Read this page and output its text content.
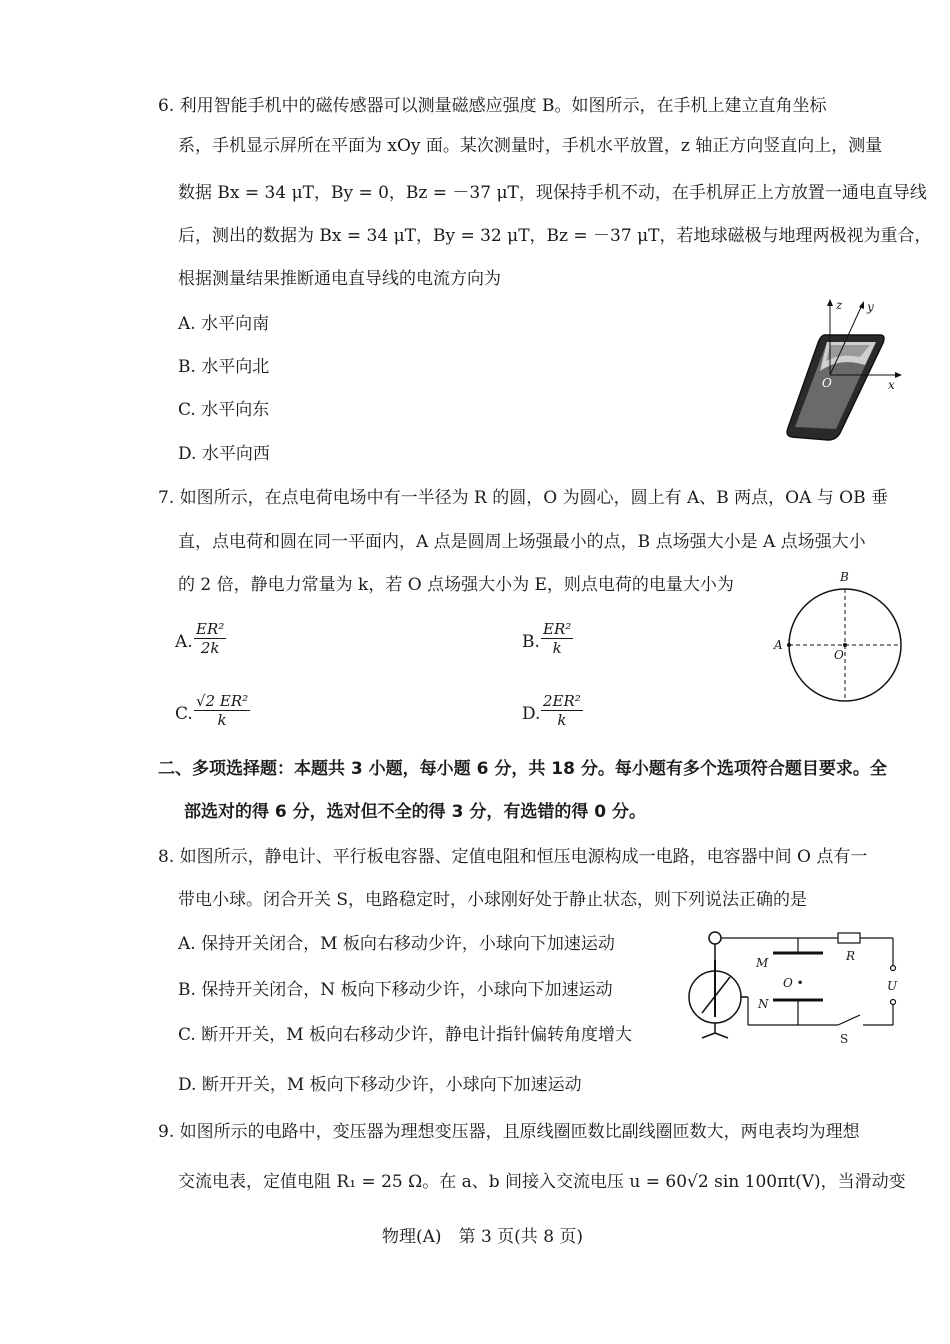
6. 利用智能手机中的磁传感器可以测量磁感应强度 B。如图所示，在手机上建立直角坐标
系，手机显示屏所在平面为 xOy 面。某次测量时，手机水平放置，z 轴正方向竖直向上，测量
数据 Bx = 34 μT，By = 0，Bz = －37 μT，现保持手机不动，在手机屏正上方放置一通电直导线
后，测出的数据为 Bx = 34 μT，By = 32 μT，Bz = －37 μT，若地球磁极与地理两极视为重合，
根据测量结果推断通电直导线的电流方向为
A. 水平向南
B. 水平向北
C. 水平向东
D. 水平向西
z y
x
O
7. 如图所示，在点电荷电场中有一半径为 R 的圆，O 为圆心，圆上有 A、B 两点，OA 与 OB 垂
直，点电荷和圆在同一平面内，A 点是圆周上场强最小的点，B 点场强大小是 A 点场强大小
的 2 倍，静电力常量为 k，若 O 点场强大小为 E，则点电荷的电量大小为
A. $\frac{\text{ER²}}{2k}$	B. $\frac{\text{ER²}}{k}$
C. $\frac{\text{√2 ER²}}{k}$	D. $\frac{\text{2ER²}}{k}$
A
B
O
二、多项选择题：本题共 3 小题，每小题 6 分，共 18 分。每小题有多个选项符合题目要求。全
部选对的得 6 分，选对但不全的得 3 分，有选错的得 0 分。
8. 如图所示，静电计、平行板电容器、定值电阻和恒压电源构成一电路，电容器中间 O 点有一
带电小球。闭合开关 S，电路稳定时，小球刚好处于静止状态，则下列说法正确的是
A. 保持开关闭合，M 板向右移动少许，小球向下加速运动
B. 保持开关闭合，N 板向下移动少许，小球向下加速运动
C. 断开开关，M 板向右移动少许，静电计指针偏转角度增大
D. 断开开关，M 板向下移动少许，小球向下加速运动
M
N
O •
R
U
S
9. 如图所示的电路中，变压器为理想变压器，且原线圈匝数比副线圈匝数大，两电表均为理想
交流电表，定值电阻 R₁ = 25 Ω。在 a、b 间接入交流电压 u = 60√2 sin 100πt(V)，当滑动变
物理(A)　第 3 页(共 8 页)
